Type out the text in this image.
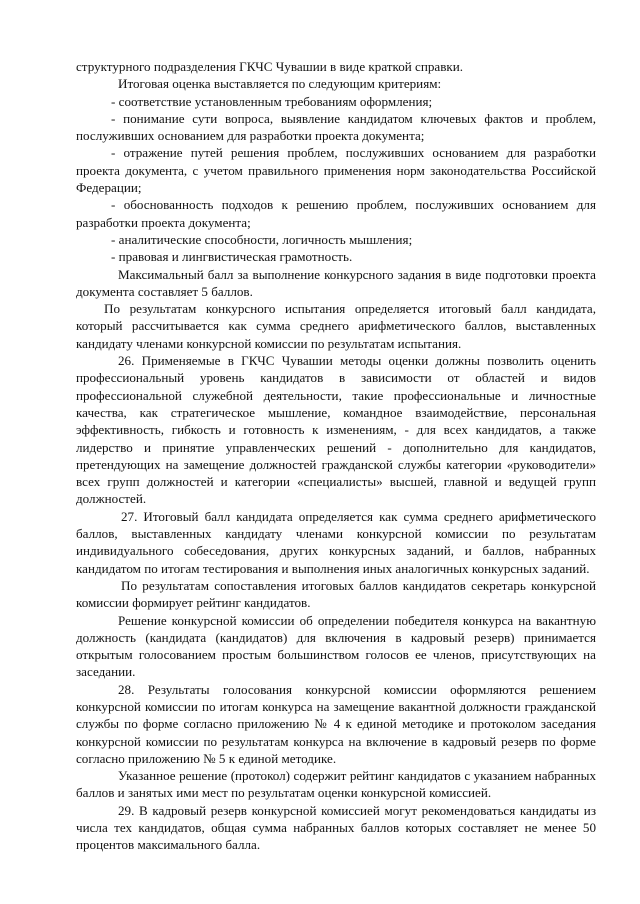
структурного подразделения ГКЧС Чувашии в виде краткой справки.

Итоговая оценка выставляется по следующим критериям:

- соответствие установленным требованиям оформления;

- понимание сути вопроса, выявление кандидатом ключевых фактов и проблем, послуживших основанием для разработки проекта документа;

- отражение путей решения проблем, послуживших основанием для разработки проекта документа, с учетом правильного применения норм законодательства Российской Федерации;

- обоснованность подходов к решению проблем, послуживших основанием для разработки проекта документа;

- аналитические способности, логичность мышления;

- правовая и лингвистическая грамотность.

Максимальный балл за выполнение конкурсного задания в виде подготовки проекта документа составляет 5 баллов.

По результатам конкурсного испытания определяется итоговый балл кандидата, который рассчитывается как сумма среднего арифметического баллов, выставленных кандидату членами конкурсной комиссии по результатам испытания.

26. Применяемые в ГКЧС Чувашии методы оценки должны позволить оценить профессиональный уровень кандидатов в зависимости от областей и видов профессиональной служебной деятельности, такие профессиональные и личностные качества, как стратегическое мышление, командное взаимодействие, персональная эффективность, гибкость и готовность к изменениям, - для всех кандидатов, а также лидерство и принятие управленческих решений - дополнительно для кандидатов, претендующих на замещение должностей гражданской службы категории «руководители» всех групп должностей и категории «специалисты» высшей, главной и ведущей групп должностей.

27. Итоговый балл кандидата определяется как сумма среднего арифметического баллов, выставленных кандидату членами конкурсной комиссии по результатам индивидуального собеседования, других конкурсных заданий, и баллов, набранных кандидатом по итогам тестирования и выполнения иных аналогичных конкурсных заданий.

По результатам сопоставления итоговых баллов кандидатов секретарь конкурсной комиссии формирует рейтинг кандидатов.

Решение конкурсной комиссии об определении победителя конкурса на вакантную должность (кандидата (кандидатов) для включения в кадровый резерв) принимается открытым голосованием простым большинством голосов ее членов, присутствующих на заседании.

28. Результаты голосования конкурсной комиссии оформляются решением конкурсной комиссии по итогам конкурса на замещение вакантной должности гражданской службы по форме согласно приложению № 4 к единой методике и протоколом заседания конкурсной комиссии по результатам конкурса на включение в кадровый резерв по форме согласно приложению № 5 к единой методике.

Указанное решение (протокол) содержит рейтинг кандидатов с указанием набранных баллов и занятых ими мест по результатам оценки конкурсной комиссией.

29. В кадровый резерв конкурсной комиссией могут рекомендоваться кандидаты из числа тех кандидатов, общая сумма набранных баллов которых составляет не менее 50 процентов максимального балла.
